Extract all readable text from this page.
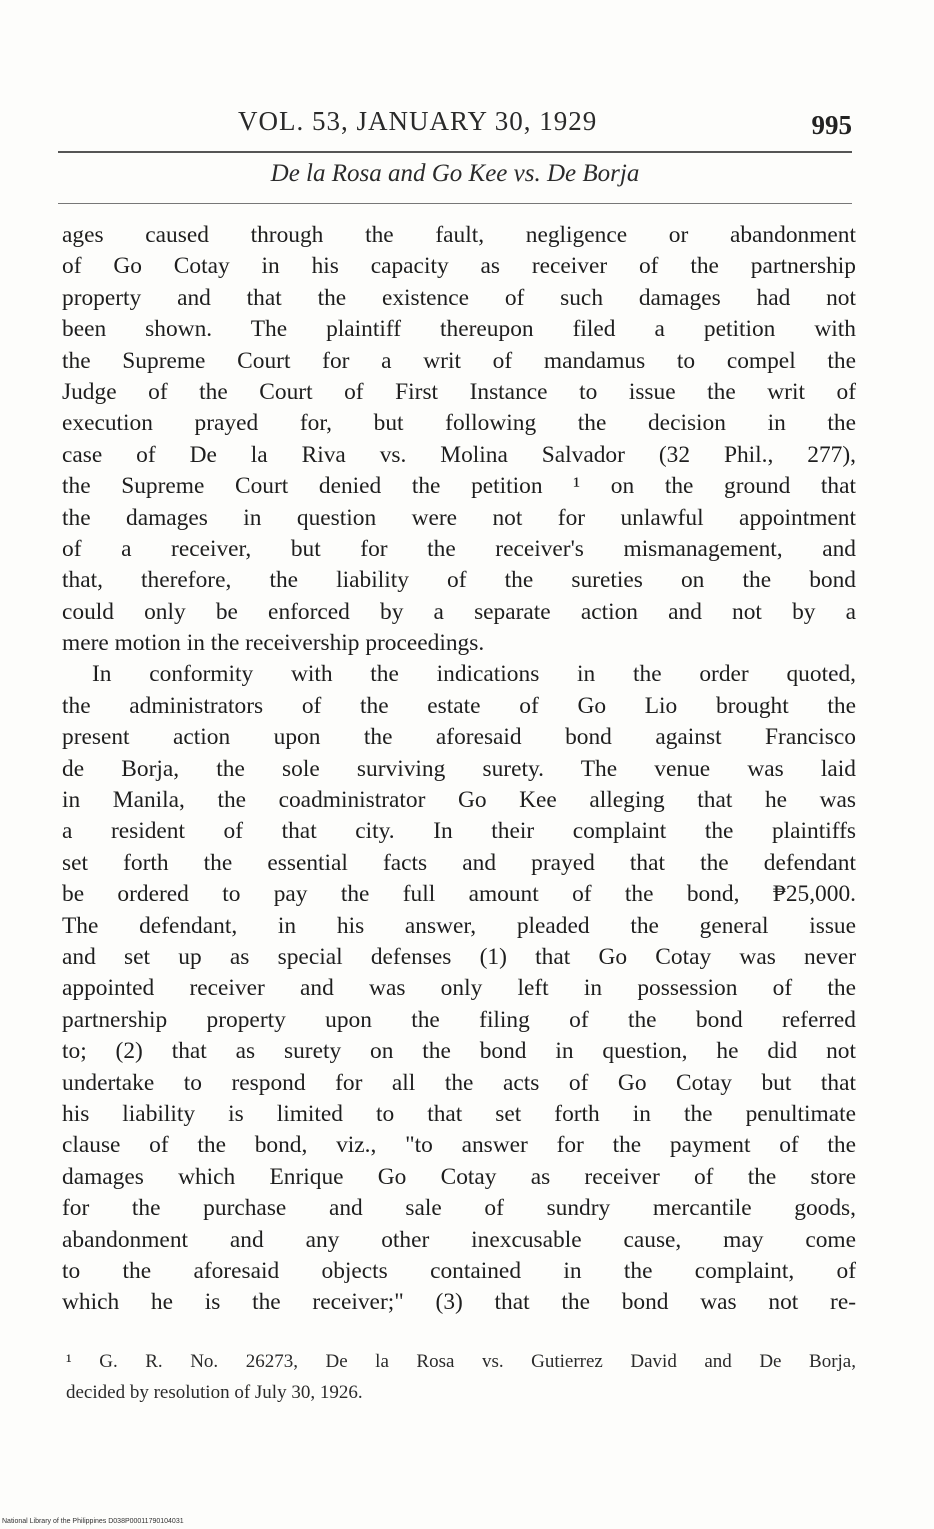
VOL. 53, JANUARY 30, 1929	995
De la Rosa and Go Kee vs. De Borja
ages caused through the fault, negligence or abandonment
of Go Cotay in his capacity as receiver of the partnership
property and that the existence of such damages had not
been shown. The plaintiff thereupon filed a petition with
the Supreme Court for a writ of mandamus to compel the
Judge of the Court of First Instance to issue the writ of
execution prayed for, but following the decision in the
case of De la Riva vs. Molina Salvador (32 Phil., 277),
the Supreme Court denied the petition ¹ on the ground that
the damages in question were not for unlawful appointment
of a receiver, but for the receiver's mismanagement, and
that, therefore, the liability of the sureties on the bond
could only be enforced by a separate action and not by a
mere motion in the receivership proceedings.
In conformity with the indications in the order quoted,
the administrators of the estate of Go Lio brought the
present action upon the aforesaid bond against Francisco
de Borja, the sole surviving surety. The venue was laid
in Manila, the coadministrator Go Kee alleging that he was
a resident of that city. In their complaint the plaintiffs
set forth the essential facts and prayed that the defendant
be ordered to pay the full amount of the bond, ₱25,000.
The defendant, in his answer, pleaded the general issue
and set up as special defenses (1) that Go Cotay was never
appointed receiver and was only left in possession of the
partnership property upon the filing of the bond referred
to; (2) that as surety on the bond in question, he did not
undertake to respond for all the acts of Go Cotay but that
his liability is limited to that set forth in the penultimate
clause of the bond, viz., "to answer for the payment of the
damages which Enrique Go Cotay as receiver of the store
for the purchase and sale of sundry mercantile goods,
abandonment and any other inexcusable cause, may come
to the aforesaid objects contained in the complaint, of
which he is the receiver;" (3) that the bond was not re-
¹ G. R. No. 26273, De la Rosa vs. Gutierrez David and De Borja,
decided by resolution of July 30, 1926.
National Library of the Philippines D038P00011790104031
